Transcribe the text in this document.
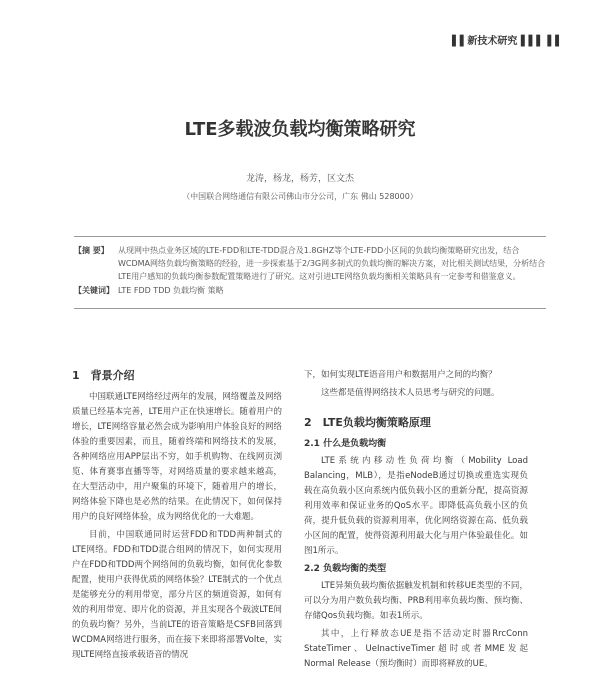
▌▌新技术研究 ▌▌▌ ▌▌
LTE多载波负载均衡策略研究
龙涛，杨龙，杨芳，区文杰
（中国联合网络通信有限公司佛山市分公司，广东 佛山 528000）
【摘 要】	从现网中热点业务区域的LTE-FDD和LTE-TDD混合及1.8GHZ等个LTE-FDD小区间的负载均衡策略研究出发，结合WCDMA网络负载均衡策略的经验，进一步探索基于2/3G网多制式的负载均衡的解决方案，对比相关测试结果，分析结合LTE用户感知的负载均衡参数配置策略进行了研究。这对引进LTE网络负载均衡相关策略具有一定参考和借鉴意义。
【关键词】 LTE FDD TDD 负载均衡 策略
1　背景介绍

中国联通LTE网络经过两年的发展，网络覆盖及网络质量已经基本完善，LTE用户正在快速增长。随着用户的增长，LTE网络容量必然会成为影响用户体验良好的网络体验的重要因素，而且，随着终端和网络技术的发展，各种网络应用APP层出不穷，如手机购物、在线网页浏览、体育赛事直播等等，对网络质量的要求越来越高，在大型活动中，用户聚集的环境下，随着用户的增长，网络体验下降也是必然的结果。在此情况下，如何保持用户的良好网络体验，成为网络优化的一大难题。

目前，中国联通同时运营FDD和TDD两种制式的LTE网络。FDD和TDD混合组网的情况下，如何实现用户在FDD和TDD两个网络间的负载均衡，如何优化参数配置，使用户获得优质的网络体验？LTE制式的一个优点是能够充分的利用带宽，部分片区的频道资源，如何有效的利用带宽、即片化的资源，并且实现各个载波LTE间的负载均衡？另外，当前LTE的语音策略是CSFB回落到WCDMA网络进行服务，而在接下来即将部署Volte，实现LTE网络直接承载语音的情况

下，如何实现LTE语音用户和数据用户之间的均衡？

这些都是值得网络技术人员思考与研究的问题。

2　LTE负载均衡策略原理
2.1 什么是负载均衡

LTE系统内移动性负荷均衡（Mobility Load Balancing，MLB），是指eNodeB通过切换或重选实现负载在高负载小区向系统内低负载小区的重新分配，提高资源利用效率和保证业务的QoS水平。即降低高负载小区的负荷，提升低负载的资源利用率，优化网络资源在高、低负载小区间的配置，使得资源利用最大化与用户体验最佳化。如图1所示。

2.2 负载均衡的类型

LTE异频负载均衡依据触发机制和转移UE类型的不同，可以分为用户数负载均衡、PRB利用率负载均衡、预均衡、存储Qos负载均衡。如表1所示。

其中，上行释放态UE是指不活动定时器RrcConn StateTimer、UeInactiveTimer超时或者MME发起Normal Release（预均衡时）而即将释放的UE。
